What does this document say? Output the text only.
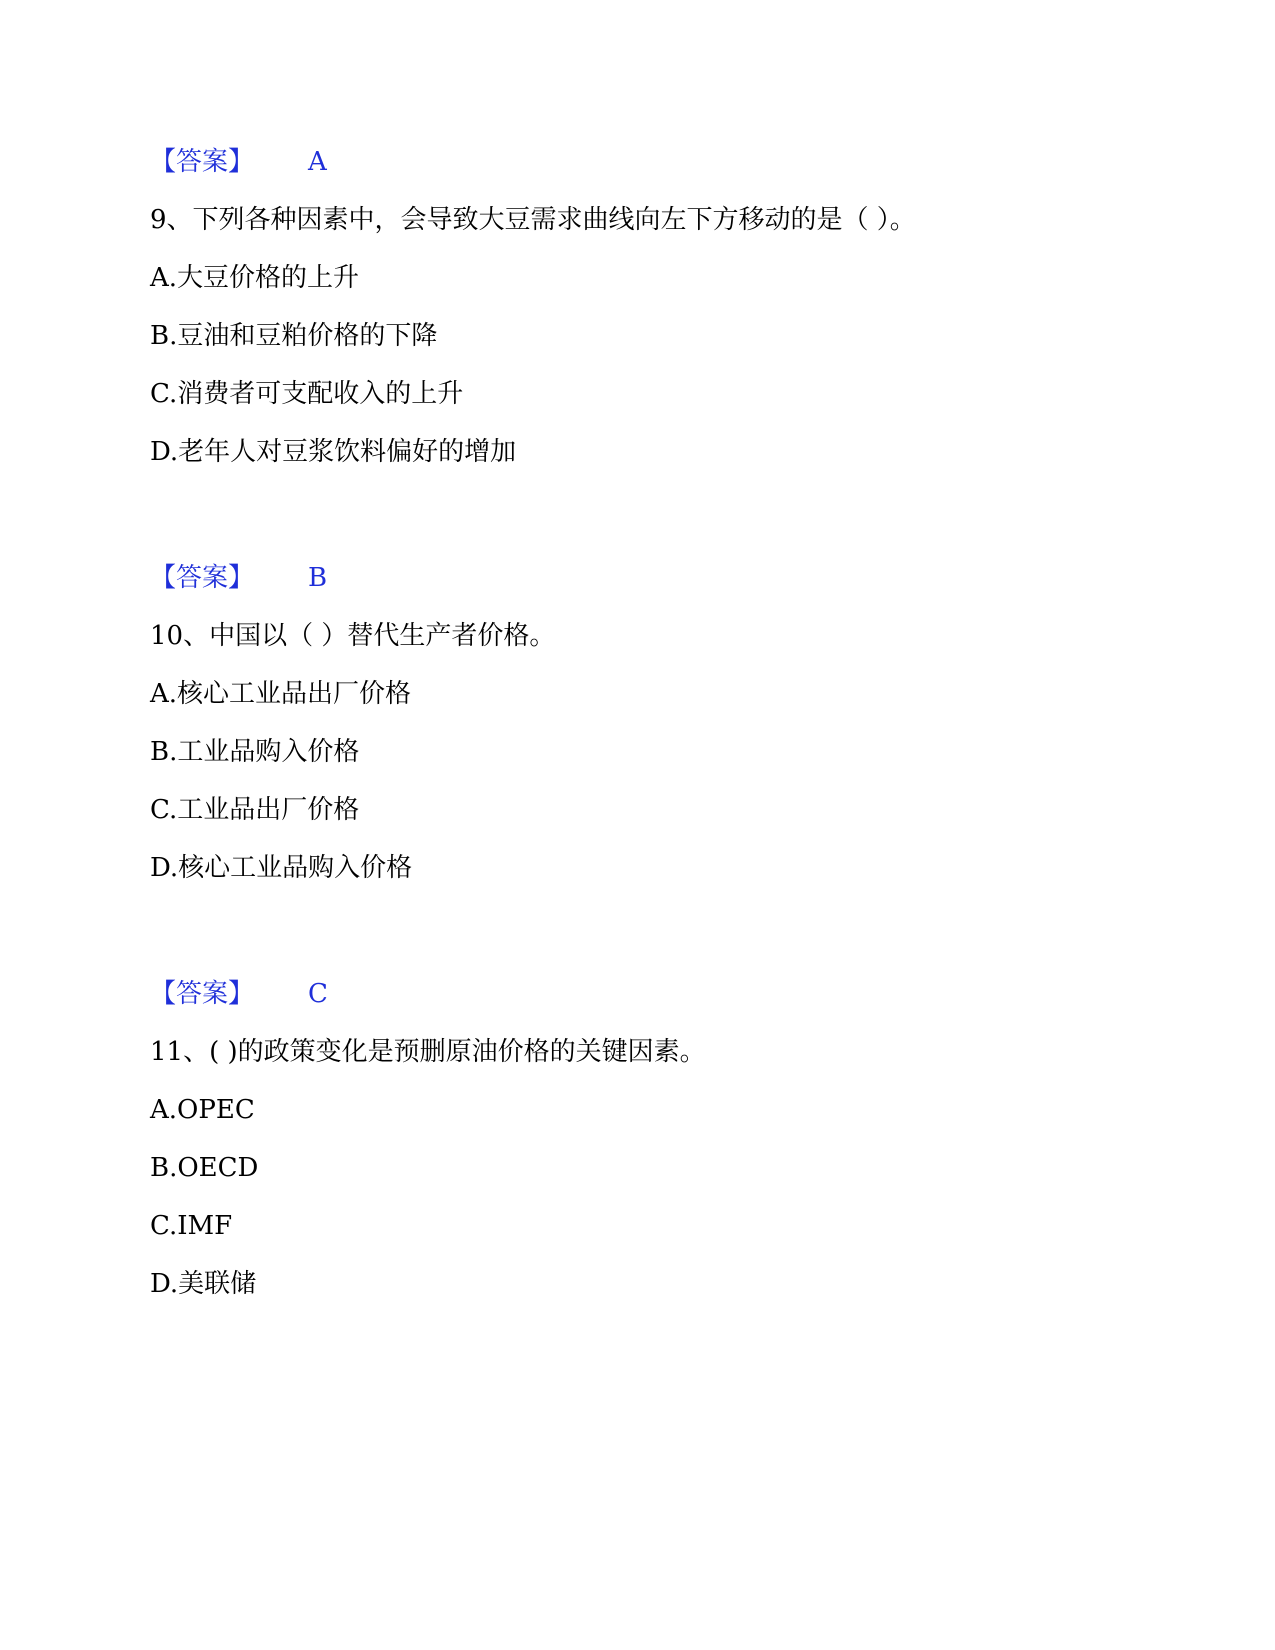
【答案】 A
9、下列各种因素中，会导致大豆需求曲线向左下方移动的是（ ）。
A.大豆价格的上升
B.豆油和豆粕价格的下降
C.消费者可支配收入的上升
D.老年人对豆浆饮料偏好的增加
【答案】 B
10、中国以（ ）替代生产者价格。
A.核心工业品出厂价格
B.工业品购入价格
C.工业品出厂价格
D.核心工业品购入价格
【答案】 C
11、( )的政策变化是预删原油价格的关键因素。
A.OPEC
B.OECD
C.IMF
D.美联储
